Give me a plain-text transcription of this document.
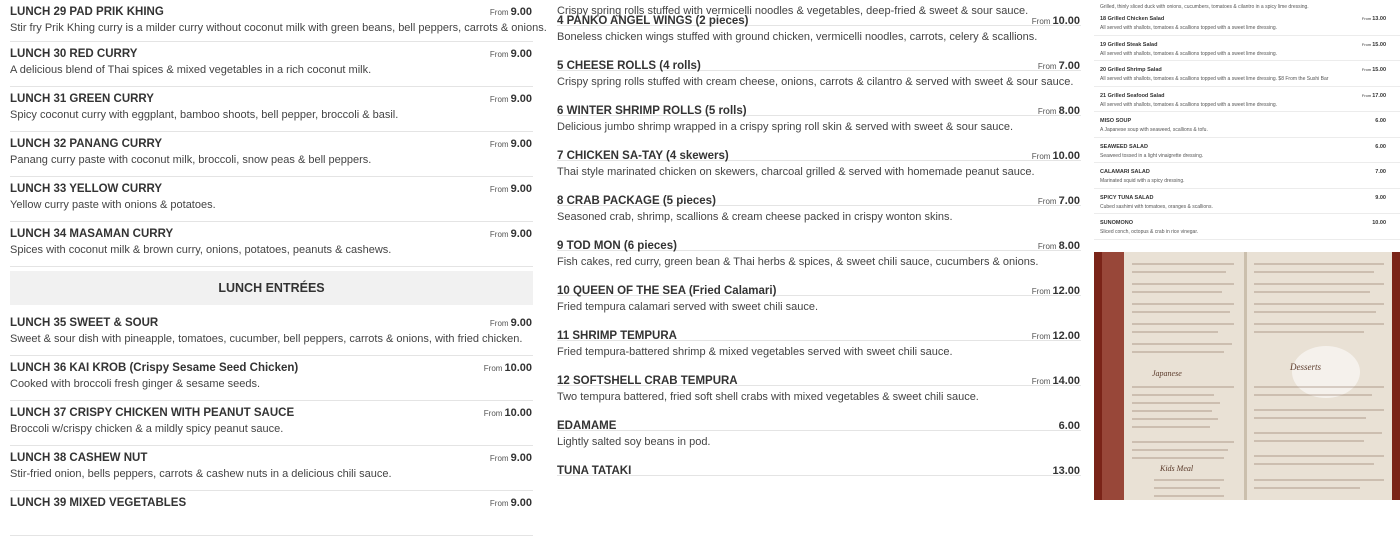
LUNCH 29 PAD PRIK KHING
Stir fry Prik Khing curry is a milder curry without coconut milk with green beans, bell peppers, carrots & onions.
From 9.00
LUNCH 30 RED CURRY
A delicious blend of Thai spices & mixed vegetables in a rich coconut milk.
From 9.00
LUNCH 31 GREEN CURRY
Spicy coconut curry with eggplant, bamboo shoots, bell pepper, broccoli & basil.
From 9.00
LUNCH 32 PANANG CURRY
Panang curry paste with coconut milk, broccoli, snow peas & bell peppers.
From 9.00
LUNCH 33 YELLOW CURRY
Yellow curry paste with onions & potatoes.
From 9.00
LUNCH 34 MASAMAN CURRY
Spices with coconut milk & brown curry, onions, potatoes, peanuts & cashews.
From 9.00
LUNCH ENTRÉES
LUNCH 35 SWEET & SOUR
Sweet & sour dish with pineapple, tomatoes, cucumber, bell peppers, carrots & onions, with fried chicken.
From 9.00
LUNCH 36 KAI KROB (Crispy Sesame Seed Chicken)
Cooked with broccoli fresh ginger & sesame seeds.
From 10.00
LUNCH 37 CRISPY CHICKEN WITH PEANUT SAUCE
Broccoli w/crispy chicken & a mildly spicy peanut sauce.
From 10.00
LUNCH 38 CASHEW NUT
Stir-fried onion, bells peppers, carrots & cashew nuts in a delicious chili sauce.
From 9.00
LUNCH 39 MIXED VEGETABLES	From 9.00
Crispy spring rolls stuffed with vermicelli noodles & vegetables, deep-fried & sweet & sour sauce.
4 PANKO ANGEL WINGS (2 pieces)
Boneless chicken wings stuffed with ground chicken, vermicelli noodles, carrots, celery & scallions.
From 10.00
5 CHEESE ROLLS (4 rolls)
Crispy spring rolls stuffed with cream cheese, onions, carrots & cilantro & served with sweet & sour sauce.
From 7.00
6 WINTER SHRIMP ROLLS (5 rolls)
Delicious jumbo shrimp wrapped in a crispy spring roll skin & served with sweet & sour sauce.
From 8.00
7 CHICKEN SA-TAY (4 skewers)
Thai style marinated chicken on skewers, charcoal grilled & served with homemade peanut sauce.
From 10.00
8 CRAB PACKAGE (5 pieces)
Seasoned crab, shrimp, scallions & cream cheese packed in crispy wonton skins.
From 7.00
9 TOD MON (6 pieces)
Fish cakes, red curry, green bean & Thai herbs & spices, & sweet chili sauce, cucumbers & onions.
From 8.00
10 QUEEN OF THE SEA (Fried Calamari)
Fried tempura calamari served with sweet chili sauce.
From 12.00
11 SHRIMP TEMPURA
Fried tempura-battered shrimp & mixed vegetables served with sweet chili sauce.
From 12.00
12 SOFTSHELL CRAB TEMPURA
Two tempura battered, fried soft shell crabs with mixed vegetables & sweet chili sauce.
From 14.00
EDAMAME
Lightly salted soy beans in pod.
6.00
TUNA TATAKI	13.00
Grilled, thinly sliced duck with onions, cucumbers, tomatoes & cilantro in a spicy lime dressing.
18 Grilled Chicken Salad
All served with shallots, tomatoes & scallions topped with a sweet lime dressing.
From13.00
19 Grilled Steak Salad
All served with shallots, tomatoes & scallions topped with a sweet lime dressing.
From15.00
20 Grilled Shrimp Salad
All served with shallots, tomatoes & scallions topped with a sweet lime dressing. $8 From the Sushi Bar
From15.00
21 Grilled Seafood Salad
All served with shallots, tomatoes & scallions topped with a sweet lime dressing.
From17.00
MISO SOUP
A Japanese soup with seaweed, scallions & tofu.
6.00
SEAWEED SALAD
Seaweed tossed in a light vinaigrette dressing.
6.00
CALAMARI SALAD
Marinated squid with a spicy dressing.
7.00
SPICY TUNA SALAD
Cubed sashimi with tomatoes, oranges & scallions.
9.00
SUNOMONO
Sliced conch, octopus & crab in rice vinegar.
10.00
Japanese
Desserts
Kids Meal
